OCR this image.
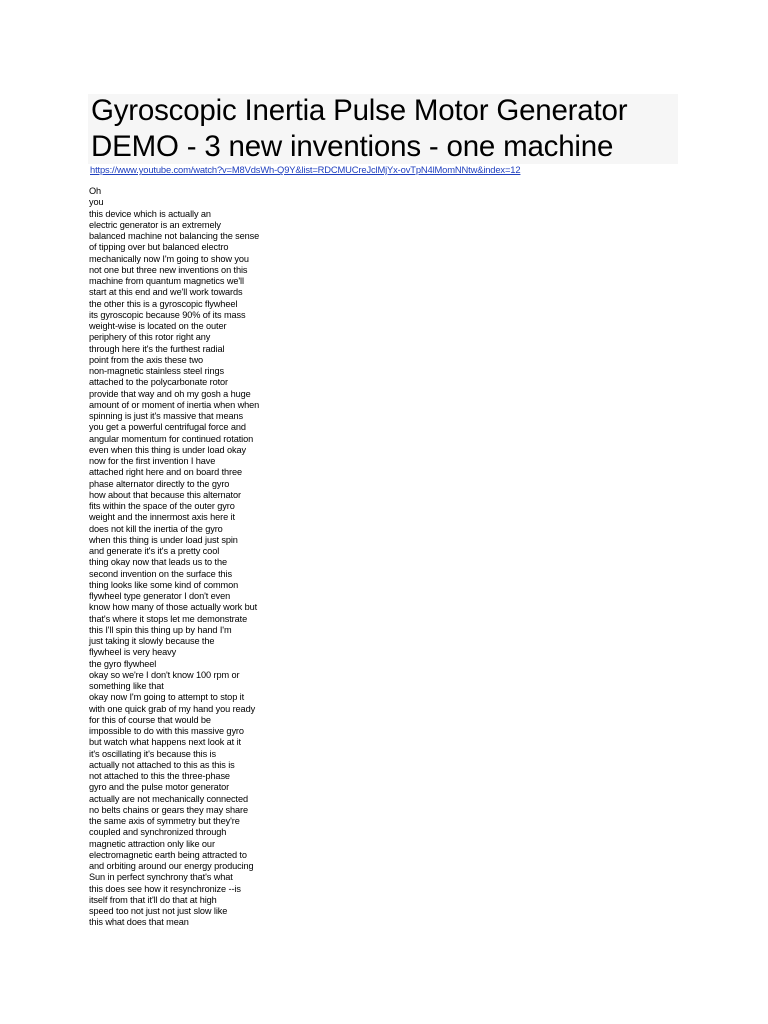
Gyroscopic Inertia Pulse Motor Generator DEMO - 3 new inventions - one machine
https://www.youtube.com/watch?v=M8VdsWh-Q9Y&list=RDCMUCreJclMjYx-ovTpN4lMomNNtw&index=12
Oh
you
this device which is actually an
electric generator is an extremely
balanced machine not balancing the sense
of tipping over but balanced electro
mechanically now I'm going to show you
not one but three new inventions on this
machine from quantum magnetics we'll
start at this end and we'll work towards
the other this is a gyroscopic flywheel
its gyroscopic because 90% of its mass
weight-wise is located on the outer
periphery of this rotor right any
through here it's the furthest radial
point from the axis these two
non-magnetic stainless steel rings
attached to the polycarbonate rotor
provide that way and oh my gosh a huge
amount of or moment of inertia when when
spinning is just it's massive that means
you get a powerful centrifugal force and
angular momentum for continued rotation
even when this thing is under load okay
now for the first invention I have
attached right here and on board three
phase alternator directly to the gyro
how about that because this alternator
fits within the space of the outer gyro
weight and the innermost axis here it
does not kill the inertia of the gyro
when this thing is under load just spin
and generate it's it's a pretty cool
thing okay now that leads us to the
second invention on the surface this
thing looks like some kind of common
flywheel type generator I don't even
know how many of those actually work but
that's where it stops let me demonstrate
this I'll spin this thing up by hand I'm
just taking it slowly because the
flywheel is very heavy
the gyro flywheel
okay so we're I don't know 100 rpm or
something like that
okay now I'm going to attempt to stop it
with one quick grab of my hand you ready
for this of course that would be
impossible to do with this massive gyro
but watch what happens next look at it
it's oscillating it's because this is
actually not attached to this as this is
not attached to this the three-phase
gyro and the pulse motor generator
actually are not mechanically connected
no belts chains or gears they may share
the same axis of symmetry but they're
coupled and synchronized through
magnetic attraction only like our
electromagnetic earth being attracted to
and orbiting around our energy producing
Sun in perfect synchrony that's what
this does see how it resynchronize --is
itself from that it'll do that at high
speed too not just not just slow like
this what does that mean
